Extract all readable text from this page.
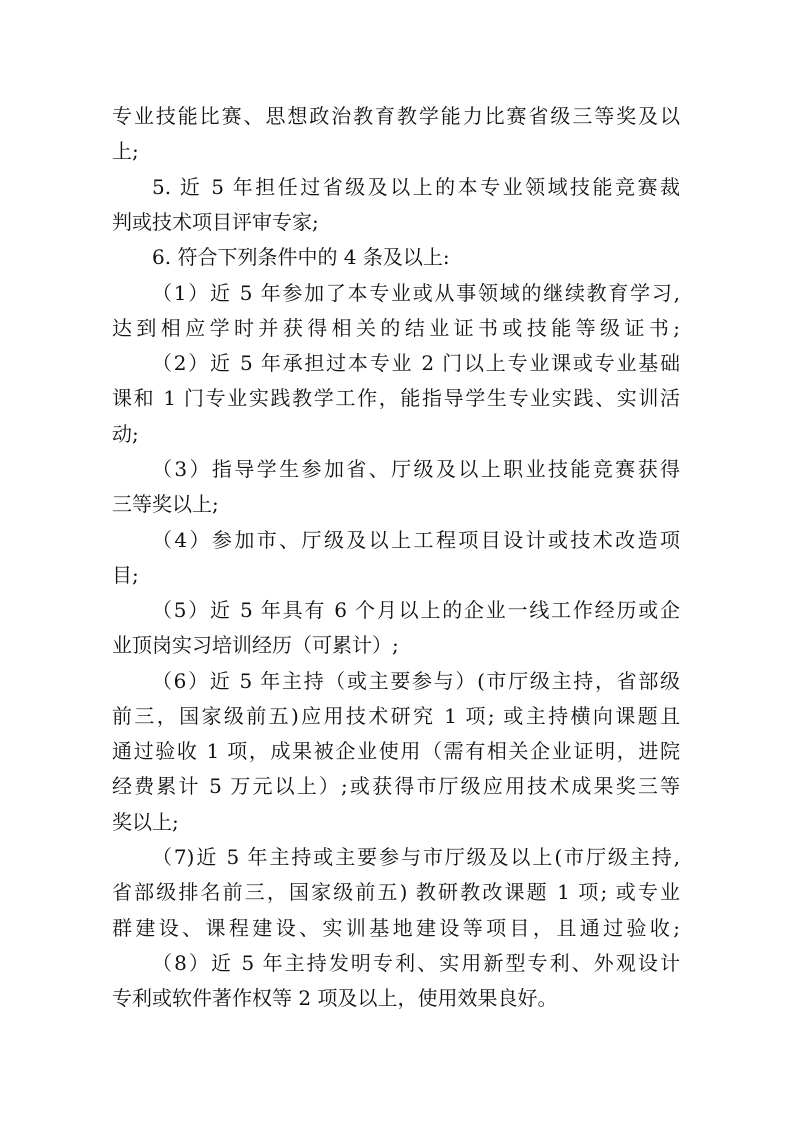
专业技能比赛、思想政治教育教学能力比赛省级三等奖及以
上;
5. 近 5 年担任过省级及以上的本专业领域技能竞赛裁
判或技术项目评审专家;
6. 符合下列条件中的 4 条及以上:
（1）近 5 年参加了本专业或从事领域的继续教育学习,
达到相应学时并获得相关的结业证书或技能等级证书;
（2）近 5 年承担过本专业 2 门以上专业课或专业基础
课和 1 门专业实践教学工作，能指导学生专业实践、实训活
动;
（3）指导学生参加省、厅级及以上职业技能竞赛获得
三等奖以上;
（4）参加市、厅级及以上工程项目设计或技术改造项
目;
（5）近 5 年具有 6 个月以上的企业一线工作经历或企
业顶岗实习培训经历（可累计）;
（6）近 5 年主持（或主要参与）(市厅级主持，省部级
前三，国家级前五)应用技术研究 1 项; 或主持横向课题且
通过验收 1 项，成果被企业使用（需有相关企业证明，进院
经费累计 5 万元以上）;或获得市厅级应用技术成果奖三等
奖以上;
（7)近 5 年主持或主要参与市厅级及以上(市厅级主持,
省部级排名前三，国家级前五) 教研教改课题 1 项; 或专业
群建设、课程建设、实训基地建设等项目，且通过验收;
（8）近 5 年主持发明专利、实用新型专利、外观设计
专利或软件著作权等 2 项及以上，使用效果良好。
